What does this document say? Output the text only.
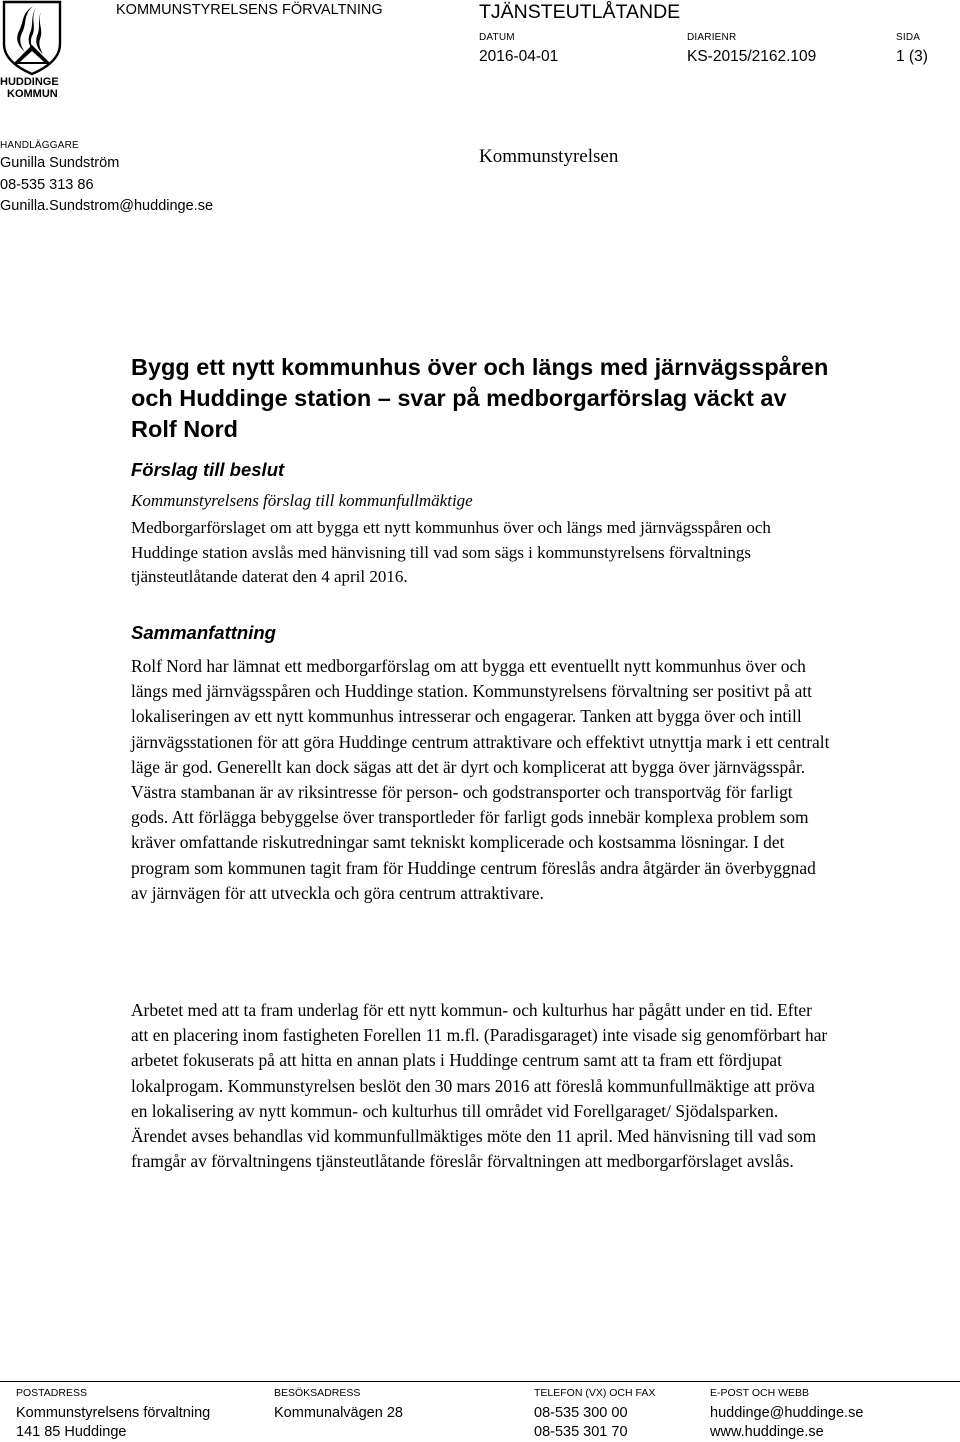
HUDDINGE
KOMMUN
KOMMUNSTYRELSENS FÖRVALTNING	TJÄNSTEUTLÅTANDE
DATUM
2016-04-01
DIARIENR
KS-2015/2162.109
SIDA
1 (3)
HANDLÄGGARE
Gunilla Sundström
08-535 313 86
Gunilla.Sundstrom@huddinge.se
Kommunstyrelsen
Bygg ett nytt kommunhus över och längs med järnvägsspåren och Huddinge station – svar på medborgarförslag väckt av Rolf Nord
Förslag till beslut
Kommunstyrelsens förslag till kommunfullmäktige

Medborgarförslaget om att bygga ett nytt kommunhus över och längs med järnvägsspåren och Huddinge station avslås med hänvisning till vad som sägs i kommunstyrelsens förvaltnings tjänsteutlåtande daterat den 4 april 2016.

Sammanfattning

Rolf Nord har lämnat ett medborgarförslag om att bygga ett eventuellt nytt kommunhus över och längs med järnvägsspåren och Huddinge station. Kommunstyrelsens förvaltning ser positivt på att lokaliseringen av ett nytt kommunhus intresserar och engagerar. Tanken att bygga över och intill järnvägsstationen för att göra Huddinge centrum attraktivare och effektivt utnyttja mark i ett centralt läge är god. Generellt kan dock sägas att det är dyrt och komplicerat att bygga över järnvägsspår. Västra stambanan är av riksintresse för person- och godstransporter och transportväg för farligt gods. Att förlägga bebyggelse över transportleder för farligt gods innebär komplexa problem som kräver omfattande riskutredningar samt tekniskt komplicerade och kostsamma lösningar. I det program som kommunen tagit fram för Huddinge centrum föreslås andra åtgärder än överbyggnad av järnvägen för att utveckla och göra centrum attraktivare.

Arbetet med att ta fram underlag för ett nytt kommun- och kulturhus har pågått under en tid. Efter att en placering inom fastigheten Forellen 11 m.fl. (Paradisgaraget) inte visade sig genomförbart har arbetet fokuserats på att hitta en annan plats i Huddinge centrum samt att ta fram ett fördjupat lokalprogam. Kommunstyrelsen beslöt den 30 mars 2016 att föreslå kommunfullmäktige att pröva en lokalisering av nytt kommun- och kulturhus till området vid Forellgaraget/ Sjödalsparken. Ärendet avses behandlas vid kommunfullmäktiges möte den 11 april. Med hänvisning till vad som framgår av förvaltningens tjänsteutlåtande föreslår förvaltningen att medborgarförslaget avslås.

POSTADRESS
Kommunstyrelsens förvaltning
141 85 Huddinge
BESÖKSADRESS
Kommunalvägen 28
TELEFON (VX) OCH FAX
08-535 300 00
08-535 301 70
E-POST OCH WEBB
huddinge@huddinge.se
www.huddinge.se
